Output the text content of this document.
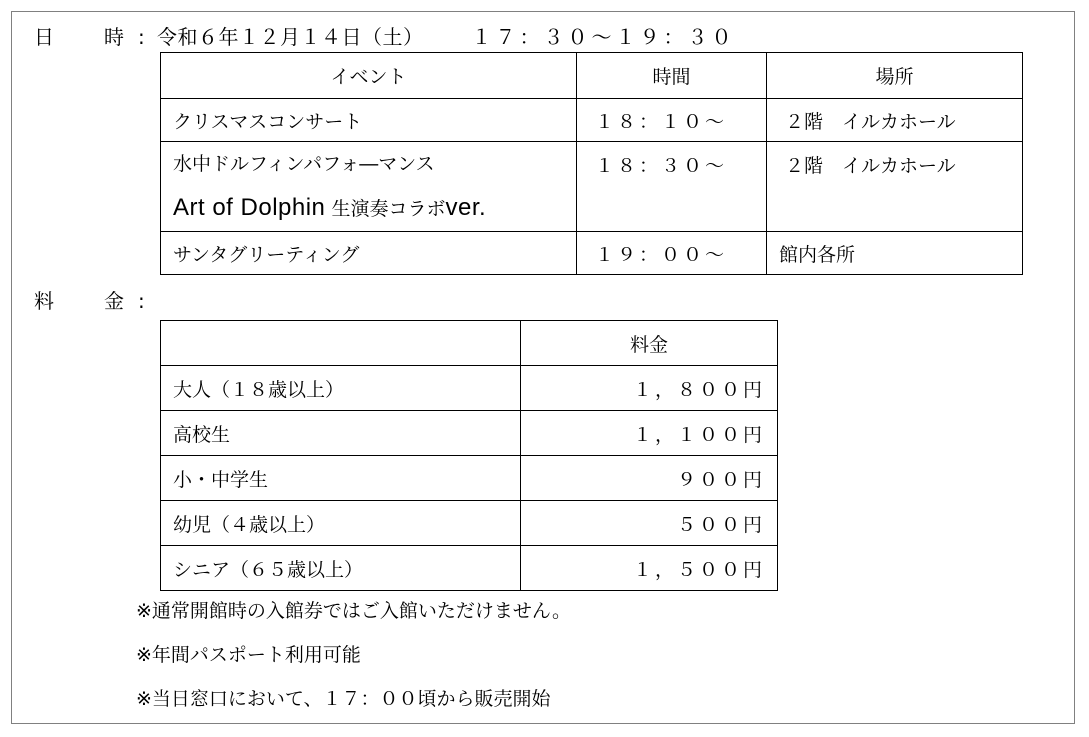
日	時 : 令和６年１２月１４日（土） １７：３０〜１９：３０
イベント	時間	場所
クリスマスコンサート	１８：１０〜	２階　イルカホール

水中ドルフィンパフォ―マンス
Art of Dolphin 生演奏コラボver.	１８：３０〜	２階　イルカホール
サンタグリーティング	１９：００〜	館内各所
料	金 :
	料金
大人（１８歳以上）	１，８００円
高校生	１，１００円
小・中学生	９００円
幼児（４歳以上）	５００円
シニア（６５歳以上）	１，５００円
※通常開館時の入館券ではご入館いただけません。
※年間パスポート利用可能
※当日窓口において、１７：００頃から販売開始
